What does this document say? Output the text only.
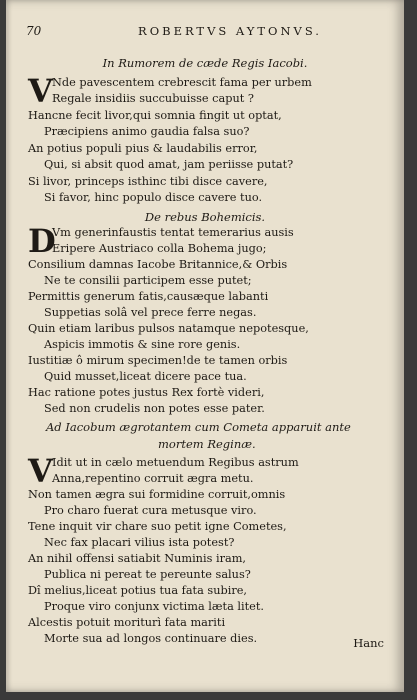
70	ROBERTVS AYTONVS.
In Rumorem de cæde Regis Iacobi.
V Nde pavescentem crebrescit fama per urbem
Regale insidiis succubuisse caput ?
Hancne fecit livor,qui somnia fingit ut optat,
Præcipiens animo gaudia falsa suo?
An potius populi pius & laudabilis error,
Qui, si absit quod amat, jam periisse putat?
Si livor, princeps isthinc tibi disce cavere,
Si favor, hinc populo disce cavere tuo.
De rebus Bohemicis.
D
Vm generinfaustis tentat temerarius ausis
Eripere Austriaco colla Bohema jugo;
Consilium damnas Iacobe Britannice,& Orbis
Ne te consilii participem esse putet;
Permittis generum fatis,causæque labanti
Suppetias solâ vel prece ferre negas.
Quin etiam laribus pulsos natamque nepotesque,
Aspicis immotis & sine rore genis.
Iustitiæ ô mirum specimen!de te tamen orbis
Quid musset,liceat dicere pace tua.
Hac ratione potes justus Rex fortè videri,
Sed non crudelis non potes esse pater.
Ad Iacobum ægrotantem cum Cometa apparuit ante
mortem Reginæ.
V Idit ut in cælo metuendum Regibus astrum
Anna,repentino corruit ægra metu.
Non tamen ægra sui formidine corruit,omnis
Pro charo fuerat cura metusque viro.
Tene inquit vir chare suo petit igne Cometes,
Nec fax placari vilius ista potest?
An nihil offensi satiabit Numinis iram,
Publica ni pereat te pereunte salus?
Dî melius,liceat potius tua fata subire,
Proque viro conjunx victima læta litet.
Alcestis potuit moriturì fata mariti
Morte sua ad longos continuare dies.	Hanc
